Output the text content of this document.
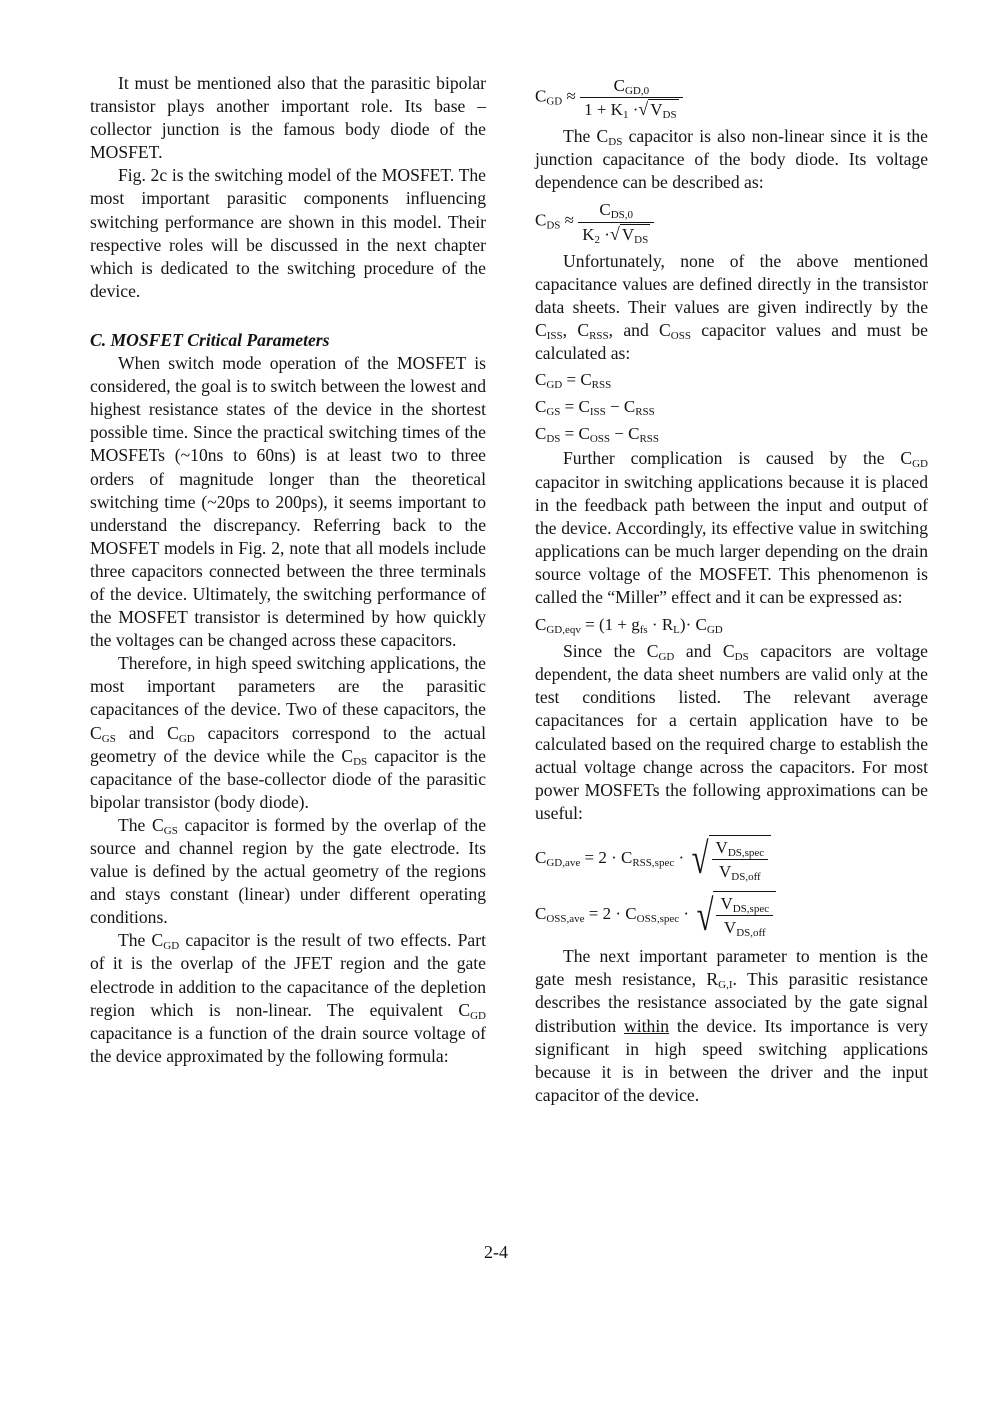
It must be mentioned also that the parasitic bipolar transistor plays another important role. Its base – collector junction is the famous body diode of the MOSFET.

Fig. 2c is the switching model of the MOSFET. The most important parasitic components influencing switching performance are shown in this model. Their respective roles will be discussed in the next chapter which is dedicated to the switching procedure of the device.

C. MOSFET Critical Parameters

When switch mode operation of the MOSFET is considered, the goal is to switch between the lowest and highest resistance states of the device in the shortest possible time. Since the practical switching times of the MOSFETs (~10ns to 60ns) is at least two to three orders of magnitude longer than the theoretical switching time (~20ps to 200ps), it seems important to understand the discrepancy. Referring back to the MOSFET models in Fig. 2, note that all models include three capacitors connected between the three terminals of the device. Ultimately, the switching performance of the MOSFET transistor is determined by how quickly the voltages can be changed across these capacitors.

Therefore, in high speed switching applications, the most important parameters are the parasitic capacitances of the device. Two of these capacitors, the $C_{GS}$ and $C_{GD}$ capacitors correspond to the actual geometry of the device while the $C_{DS}$ capacitor is the capacitance of the base-collector diode of the parasitic bipolar transistor (body diode).

The $C_{GS}$ capacitor is formed by the overlap of the source and channel region by the gate electrode. Its value is defined by the actual geometry of the regions and stays constant (linear) under different operating conditions.

The $C_{GD}$ capacitor is the result of two effects. Part of it is the overlap of the JFET region and the gate electrode in addition to the capacitance of the depletion region which is non-linear. The equivalent $C_{GD}$ capacitance is a function of the drain source voltage of the device approximated by the following formula:

$C_{GD} \approx \frac{C_{GD,0}}{1 + K_1 \cdot√ V_{DS}}$

The $C_{DS}$ capacitor is also non-linear since it is the junction capacitance of the body diode. Its voltage dependence can be described as:

$C_{DS} \approx \frac{C_{DS,0}}{K_2 \cdot√ V_{DS}}$

Unfortunately, none of the above mentioned capacitance values are defined directly in the transistor data sheets. Their values are given indirectly by the $C_{ISS}$, $C_{RSS}$, and $C_{OSS}$ capacitor values and must be calculated as:

$C_{GD} = C_{RSS}$
$C_{GS} = C_{ISS} - C_{RSS}$
$C_{DS} = C_{OSS} - C_{RSS}$

Further complication is caused by the $C_{GD}$ capacitor in switching applications because it is placed in the feedback path between the input and output of the device. Accordingly, its effective value in switching applications can be much larger depending on the drain source voltage of the MOSFET. This phenomenon is called the “Miller” effect and it can be expressed as:

$C_{GD,eqv} = (1 + g_{fs} \cdot R_L)\cdot C_{GD}$

Since the $C_{GD}$ and $C_{DS}$ capacitors are voltage dependent, the data sheet numbers are valid only at the test conditions listed. The relevant average capacitances for a certain application have to be calculated based on the required charge to establish the actual voltage change across the capacitors. For most power MOSFETs the following approximations can be useful:

$C_{GD,ave} = 2 \cdot C_{RSS,spec}$ · √ $\frac{V_{DS,spec}}{V_{DS,off}}$
$C_{OSS,ave} = 2 \cdot C_{OSS,spec}$ · √ $\frac{V_{DS,spec}}{V_{DS,off}}$

The next important parameter to mention is the gate mesh resistance, $R_{G,I}$. This parasitic resistance describes the resistance associated by the gate signal distribution within the device. Its importance is very significant in high speed switching applications because it is in between the driver and the input capacitor of the device.

2-4
